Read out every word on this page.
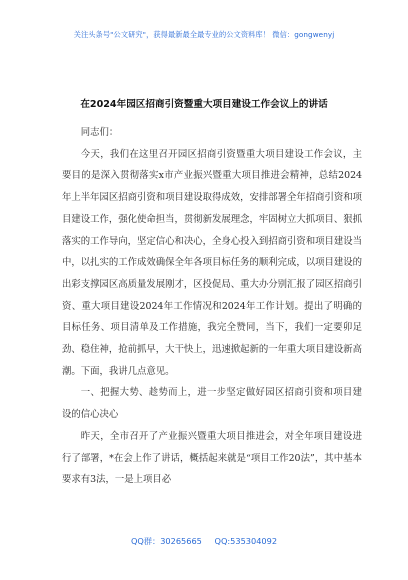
关注头条号"公文研究"，获得最新最全最专业的公文资料库！ 微信：gongwenyj
在2024年园区招商引资暨重大项目建设工作会议上的讲话

同志们：

今天，我们在这里召开园区招商引资暨重大项目建设工作会议，主要目的是深入贯彻落实x市产业振兴暨重大项目推进会精神，总结2024年上半年园区招商引资和项目建设取得成效，安排部署全年招商引资和项目建设工作，强化使命担当，贯彻新发展理念，牢固树立大抓项目、狠抓落实的工作导向，坚定信心和决心，全身心投入到招商引资和项目建设当中，以扎实的工作成效确保全年各项目标任务的顺利完成，以项目建设的出彩支撑园区高质量发展刚才，区投促局、重大办分别汇报了园区招商引资、重大项目建设2024年工作情况和2024年工作计划。提出了明确的目标任务、项目清单及工作措施，我完全赞同，当下，我们一定要卯足劲、稳住神，抢前抓早，大干快上，迅速掀起新的一年重大项目建设新高潮。下面，我讲几点意见。

一、把握大势、趁势而上，进一步坚定做好园区招商引资和项目建设的信心决心

昨天，全市召开了产业振兴暨重大项目推进会，对全年项目建设进行了部署，*在会上作了讲话，概括起来就是“项目工作20法”，其中基本要求有3法，一是上项目必

QQ群：30265665 QQ:535304092
